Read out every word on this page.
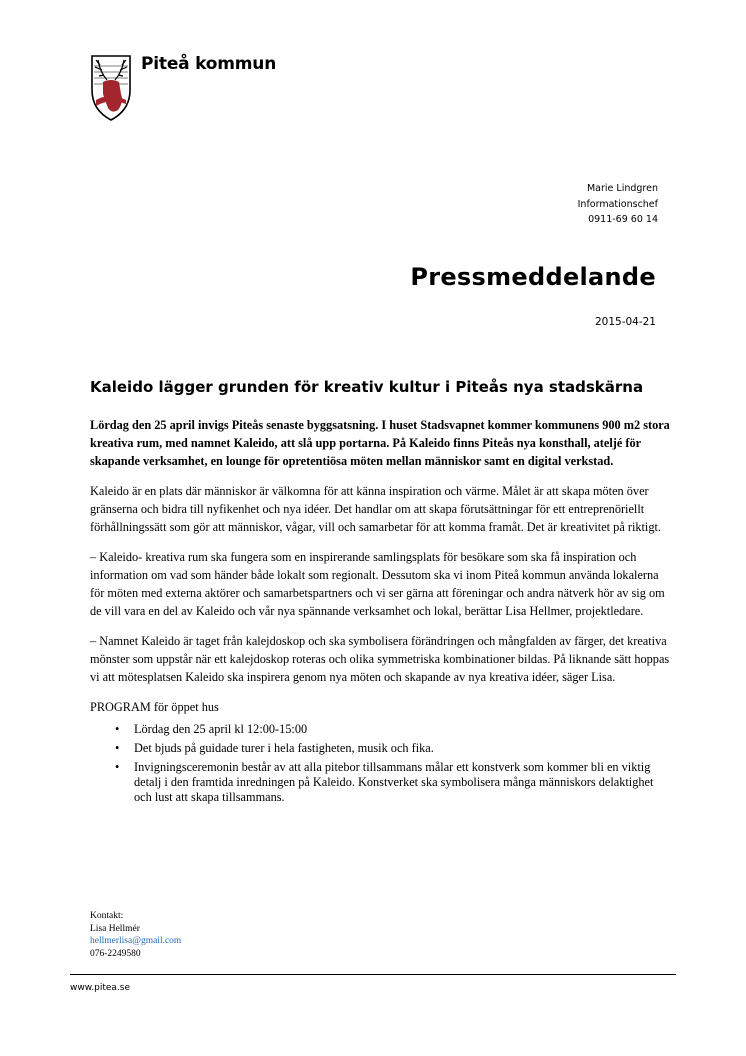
Piteå kommun
Marie Lindgren
Informationschef
0911-69 60 14
Pressmeddelande
2015-04-21
Kaleido lägger grunden för kreativ kultur i Piteås nya stadskärna

Lördag den 25 april invigs Piteås senaste byggsatsning. I huset Stadsvapnet kommer kommunens 900 m2 stora kreativa rum, med namnet Kaleido, att slå upp portarna. På Kaleido finns Piteås nya konsthall, ateljé för skapande verksamhet, en lounge för opretentiösa möten mellan människor samt en digital verkstad.

Kaleido är en plats där människor är välkomna för att känna inspiration och värme. Målet är att skapa möten över gränserna och bidra till nyfikenhet och nya idéer. Det handlar om att skapa förutsättningar för ett entreprenöriellt förhållningssätt som gör att människor, vågar, vill och samarbetar för att komma framåt. Det är kreativitet på riktigt.

– Kaleido- kreativa rum ska fungera som en inspirerande samlingsplats för besökare som ska få inspiration och information om vad som händer både lokalt som regionalt. Dessutom ska vi inom Piteå kommun använda lokalerna för möten med externa aktörer och samarbetspartners och vi ser gärna att föreningar och andra nätverk hör av sig om de vill vara en del av Kaleido och vår nya spännande verksamhet och lokal, berättar Lisa Hellmer, projektledare.

– Namnet Kaleido är taget från kalejdoskop och ska symbolisera förändringen och mångfalden av färger, det kreativa mönster som uppstår när ett kalejdoskop roteras och olika symmetriska kombinationer bildas. På liknande sätt hoppas vi att mötesplatsen Kaleido ska inspirera genom nya möten och skapande av nya kreativa idéer, säger Lisa.

PROGRAM för öppet hus

• Lördag den 25 april kl 12:00-15:00
• Det bjuds på guidade turer i hela fastigheten, musik och fika.
• Invigningsceremonin består av att alla pitebor tillsammans målar ett konstverk som kommer bli en viktig detalj i den framtida inredningen på Kaleido. Konstverket ska symbolisera många människors delaktighet och lust att skapa tillsammans.
Kontakt:
Lisa Hellmér
hellmerlisa@gmail.com
076-2249580
www.pitea.se
